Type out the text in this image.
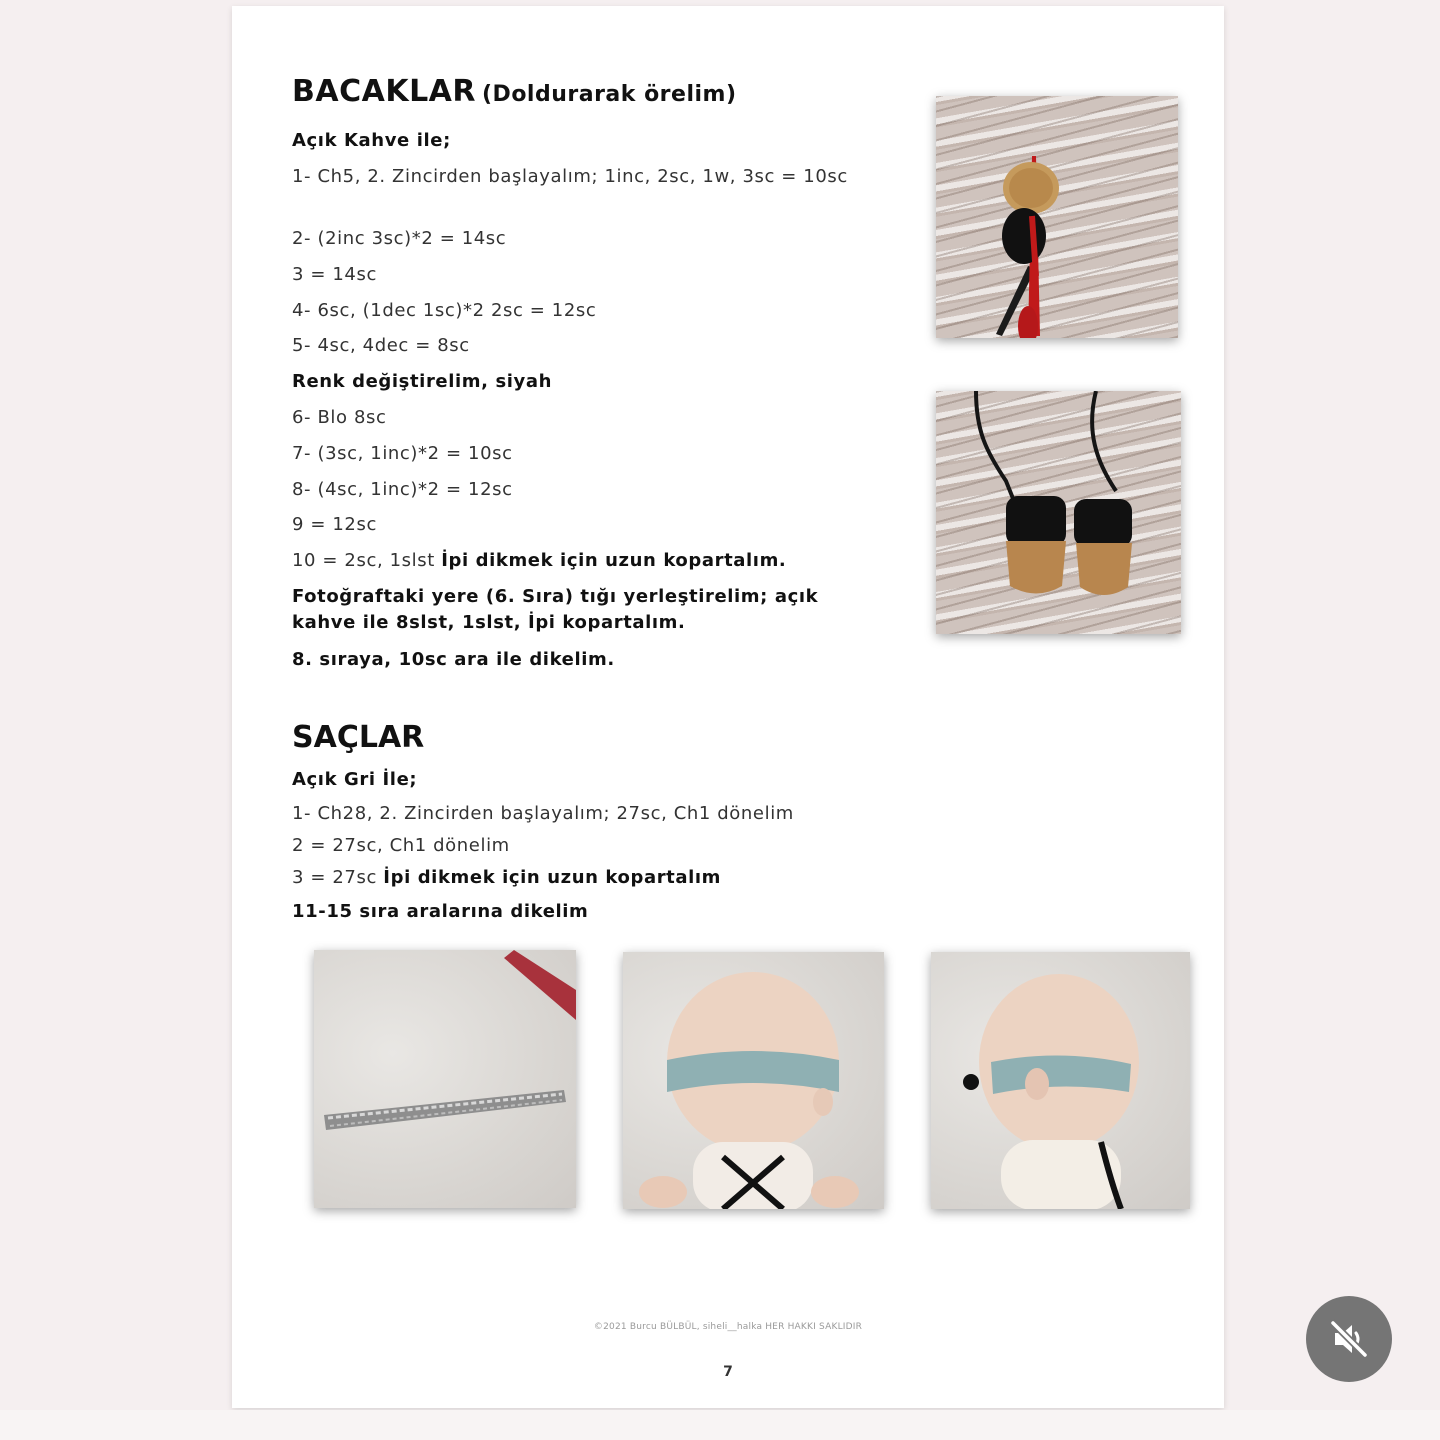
BACAKLAR (Doldurarak örelim)

Açık Kahve ile;

1- Ch5, 2. Zincirden başlayalım; 1inc, 2sc, 1w, 3sc = 10sc

2- (2inc 3sc)*2 = 14sc

3 = 14sc

4- 6sc, (1dec 1sc)*2 2sc = 12sc

5- 4sc, 4dec = 8sc

Renk değiştirelim, siyah

6- Blo 8sc

7- (3sc, 1inc)*2 = 10sc

8- (4sc, 1inc)*2 = 12sc

9 = 12sc

10 = 2sc, 1slst İpi dikmek için uzun kopartalım.

Fotoğraftaki yere (6. Sıra) tığı yerleştirelim; açık kahve ile 8slst, 1slst, İpi kopartalım.

8. sıraya, 10sc ara ile dikelim.

SAÇLAR

Açık Gri İle;

1- Ch28, 2. Zincirden başlayalım; 27sc, Ch1 dönelim

2 = 27sc, Ch1 dönelim

3 = 27sc İpi dikmek için uzun kopartalım

11-15 sıra aralarına dikelim

©2021 Burcu BÜLBÜL, siheli__halka HER HAKKI SAKLIDIR
7
